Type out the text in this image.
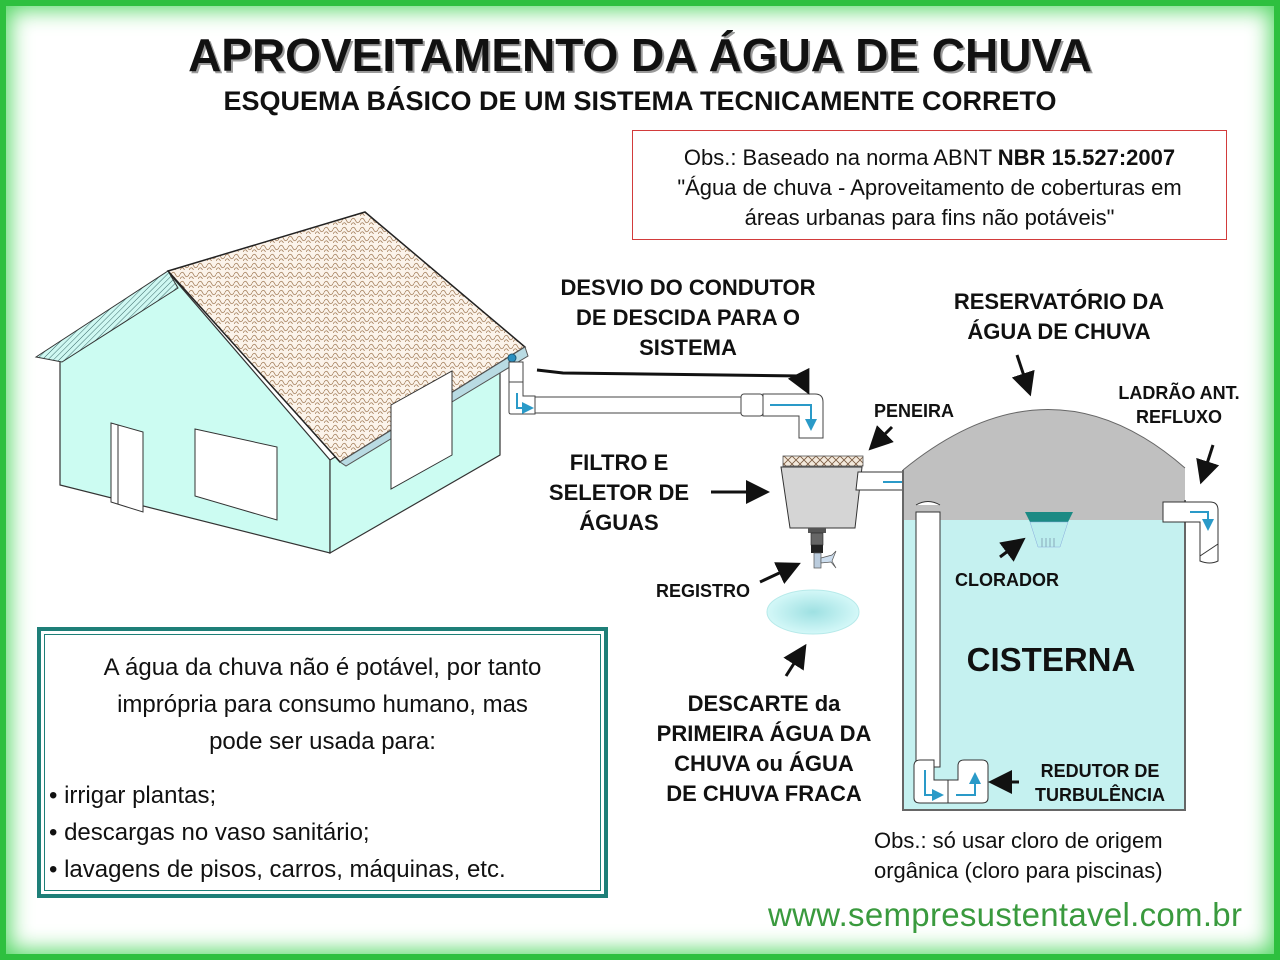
APROVEITAMENTO DA ÁGUA DE CHUVA
ESQUEMA BÁSICO DE UM SISTEMA TECNICAMENTE CORRETO
Obs.: Baseado na norma ABNT NBR 15.527:2007
"Água de chuva - Aproveitamento de coberturas em
áreas urbanas para fins não potáveis"
DESVIO DO CONDUTOR
DE DESCIDA PARA O
SISTEMA
RESERVATÓRIO DA
ÁGUA DE CHUVA
PENEIRA
LADRÃO ANT.
REFLUXO
FILTRO E
SELETOR DE
ÁGUAS
REGISTRO
CLORADOR
CISTERNA
DESCARTE da
PRIMEIRA ÁGUA DA
CHUVA ou ÁGUA
DE CHUVA FRACA
REDUTOR DE
TURBULÊNCIA
A água da chuva não é potável, por tanto
imprópria para consumo humano, mas
pode ser usada para:
• irrigar plantas;
• descargas no vaso sanitário;
• lavagens de pisos, carros, máquinas, etc.
Obs.: só usar cloro de origem
orgânica (cloro para piscinas)
www.sempresustentavel.com.br
